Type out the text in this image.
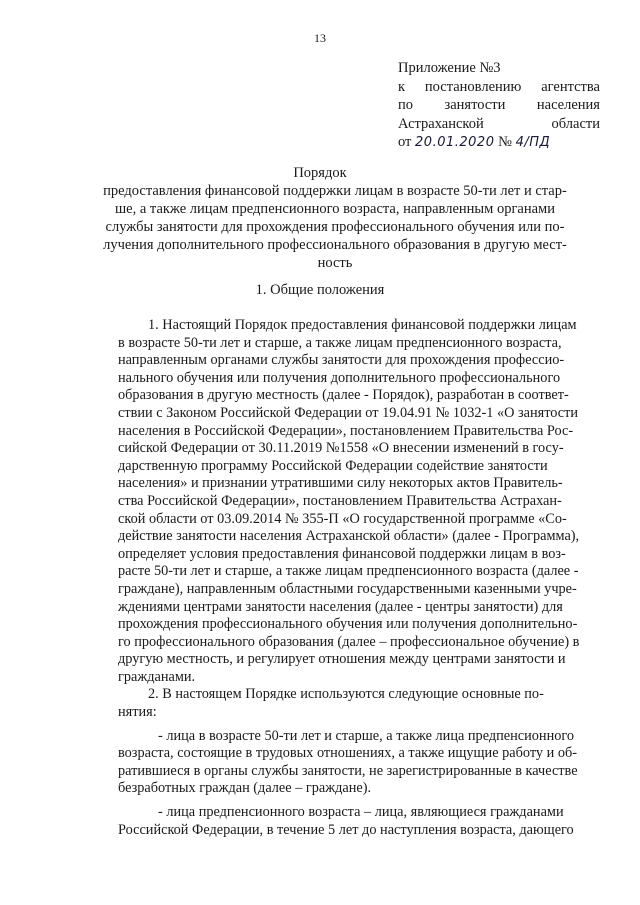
13
Приложение №3
к постановлению агентства
по занятости населения
Астраханской	области
от 20.01.2020 № 4/ПД
Порядок
предоставления финансовой поддержки лицам в возрасте 50-ти лет и стар-
ше, а также лицам предпенсионного возраста, направленным органами
службы занятости для прохождения профессионального обучения или по-
лучения дополнительного профессионального образования в другую мест-
ность
1. Общие положения
1. Настоящий Порядок предоставления финансовой поддержки лицам
в возрасте 50-ти лет и старше, а также лицам предпенсионного возраста,
направленным органами службы занятости для прохождения профессио-
нального обучения или получения дополнительного профессионального
образования в другую местность (далее - Порядок), разработан в соответ-
ствии с Законом Российской Федерации от 19.04.91 № 1032-1 «О занятости
населения в Российской Федерации», постановлением Правительства Рос-
сийской Федерации от 30.11.2019 №1558 «О внесении изменений в госу-
дарственную программу Российской Федерации содействие занятости
населения» и признании утратившими силу некоторых актов Правитель-
ства Российской Федерации», постановлением Правительства Астрахан-
ской области от 03.09.2014 № 355-П «О государственной программе «Со-
действие занятости населения Астраханской области» (далее - Программа),
определяет условия предоставления финансовой поддержки лицам в воз-
расте 50-ти лет и старше, а также лицам предпенсионного возраста (далее -
граждане), направленным областными государственными казенными учре-
ждениями центрами занятости населения (далее - центры занятости) для
прохождения профессионального обучения или получения дополнительно-
го профессионального образования (далее – профессиональное обучение) в
другую местность, и регулирует отношения между центрами занятости и
гражданами.
2. В настоящем Порядке используются следующие основные по-
нятия:
- лица в возрасте 50-ти лет и старше, а также лица предпенсионного
возраста, состоящие в трудовых отношениях, а также ищущие работу и об-
ратившиеся в органы службы занятости, не зарегистрированные в качестве
безработных граждан (далее – граждане).
- лица предпенсионного возраста – лица, являющиеся гражданами
Российской Федерации, в течение 5 лет до наступления возраста, дающего
